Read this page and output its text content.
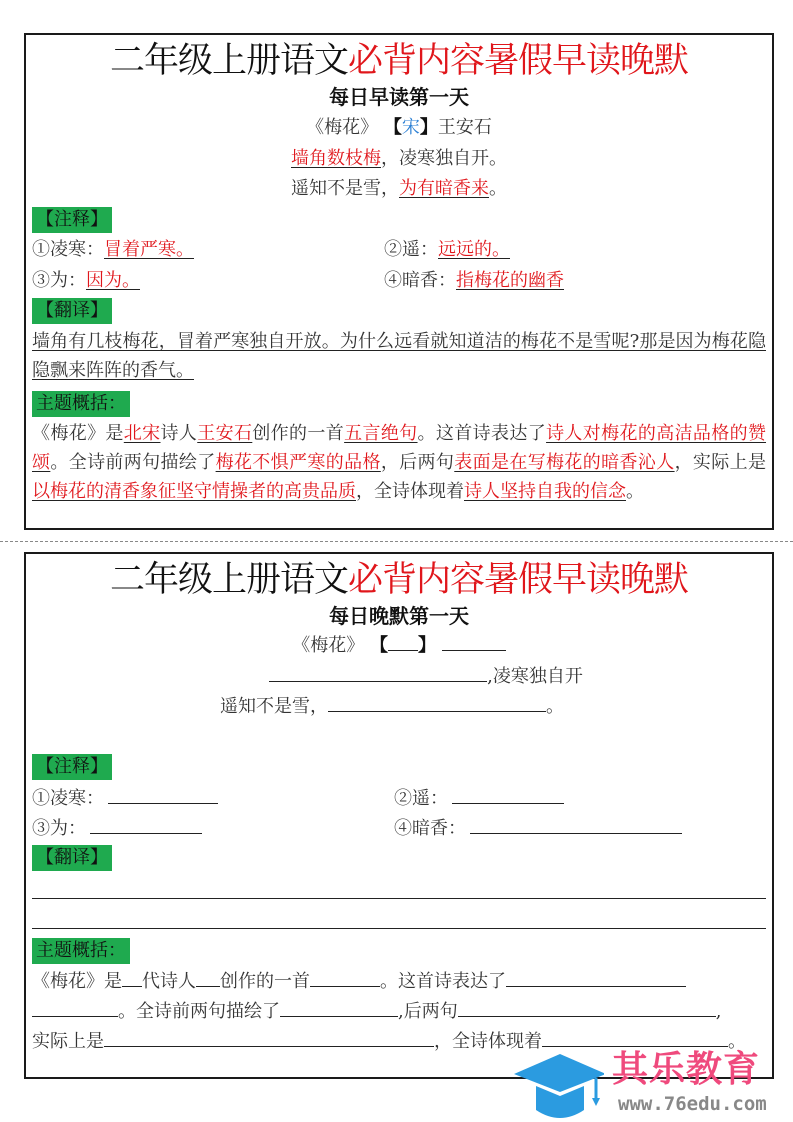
二年级上册语文必背内容暑假早读晚默
每日早读第一天
《梅花》 【宋】王安石
墙角数枝梅，凌寒独自开。
遥知不是雪，为有暗香来。
【注释】
①凌寒：冒着严寒。	②遥：远远的。
③为：因为。	④暗香：指梅花的幽香
【翻译】
墙角有几枝梅花，冒着严寒独自开放。为什么远看就知道洁的梅花不是雪呢?那是因为梅花隐隐飘来阵阵的香气。
主题概括：
《梅花》是北宋诗人王安石创作的一首五言绝句。这首诗表达了诗人对梅花的高洁品格的赞颂。全诗前两句描绘了梅花不惧严寒的品格，后两句表面是在写梅花的暗香沁人，实际上是以梅花的清香象征坚守情操者的高贵品质，全诗体现着诗人坚持自我的信念。
二年级上册语文必背内容暑假早读晚默
每日晚默第一天
《梅花》 【 】
,凌寒独自开
遥知不是雪，	。
【注释】
①凌寒：	②遥：
③为：	④暗香：
【翻译】
主题概括：
《梅花》是 代诗人 创作的一首	。这首诗表达了
。全诗前两句描绘了	,后两句	,
实际上是	，全诗体现着	。
其乐教育
www.76edu.com
